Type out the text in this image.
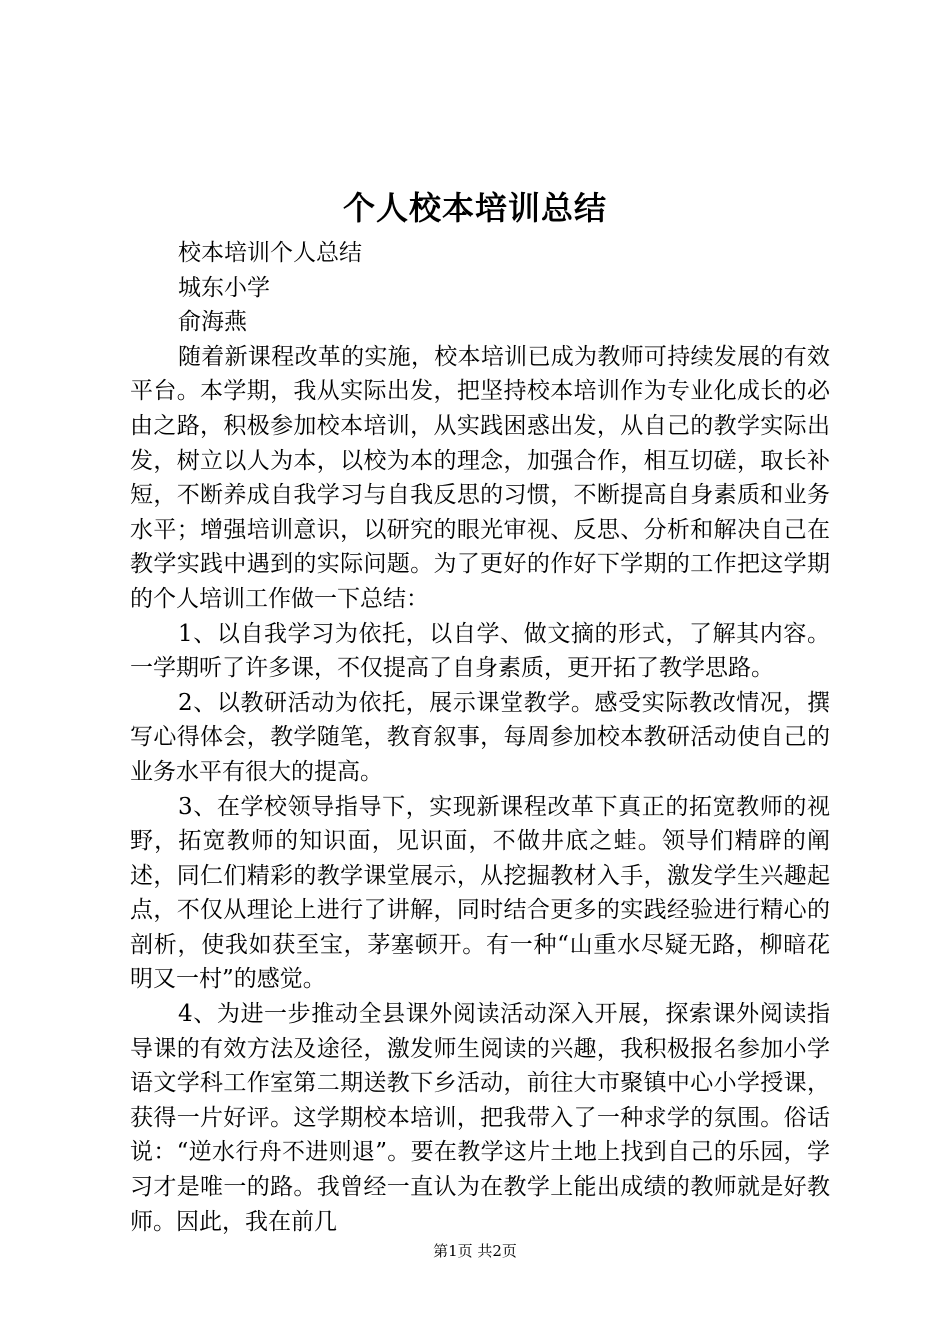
个人校本培训总结
校本培训个人总结
城东小学
俞海燕

随着新课程改革的实施，校本培训已成为教师可持续发展的有效平台。本学期，我从实际出发，把坚持校本培训作为专业化成长的必由之路，积极参加校本培训，从实践困惑出发，从自己的教学实际出发，树立以人为本，以校为本的理念，加强合作，相互切磋，取长补短，不断养成自我学习与自我反思的习惯，不断提高自身素质和业务水平；增强培训意识，以研究的眼光审视、反思、分析和解决自己在教学实践中遇到的实际问题。为了更好的作好下学期的工作把这学期的个人培训工作做一下总结：

1、以自我学习为依托，以自学、做文摘的形式，了解其内容。一学期听了许多课，不仅提高了自身素质，更开拓了教学思路。

2、以教研活动为依托，展示课堂教学。感受实际教改情况，撰写心得体会，教学随笔，教育叙事，每周参加校本教研活动使自己的业务水平有很大的提高。

3、在学校领导指导下，实现新课程改革下真正的拓宽教师的视野，拓宽教师的知识面，见识面，不做井底之蛙。领导们精辟的阐述，同仁们精彩的教学课堂展示，从挖掘教材入手，激发学生兴趣起点，不仅从理论上进行了讲解，同时结合更多的实践经验进行精心的剖析，使我如获至宝，茅塞顿开。有一种“山重水尽疑无路，柳暗花明又一村”的感觉。

4、为进一步推动全县课外阅读活动深入开展，探索课外阅读指导课的有效方法及途径，激发师生阅读的兴趣，我积极报名参加小学语文学科工作室第二期送教下乡活动，前往大市聚镇中心小学授课，获得一片好评。这学期校本培训，把我带入了一种求学的氛围。俗话说：“逆水行舟不进则退”。要在教学这片土地上找到自己的乐园，学习才是唯一的路。我曾经一直认为在教学上能出成绩的教师就是好教师。因此，我在前几

第1页 共2页
